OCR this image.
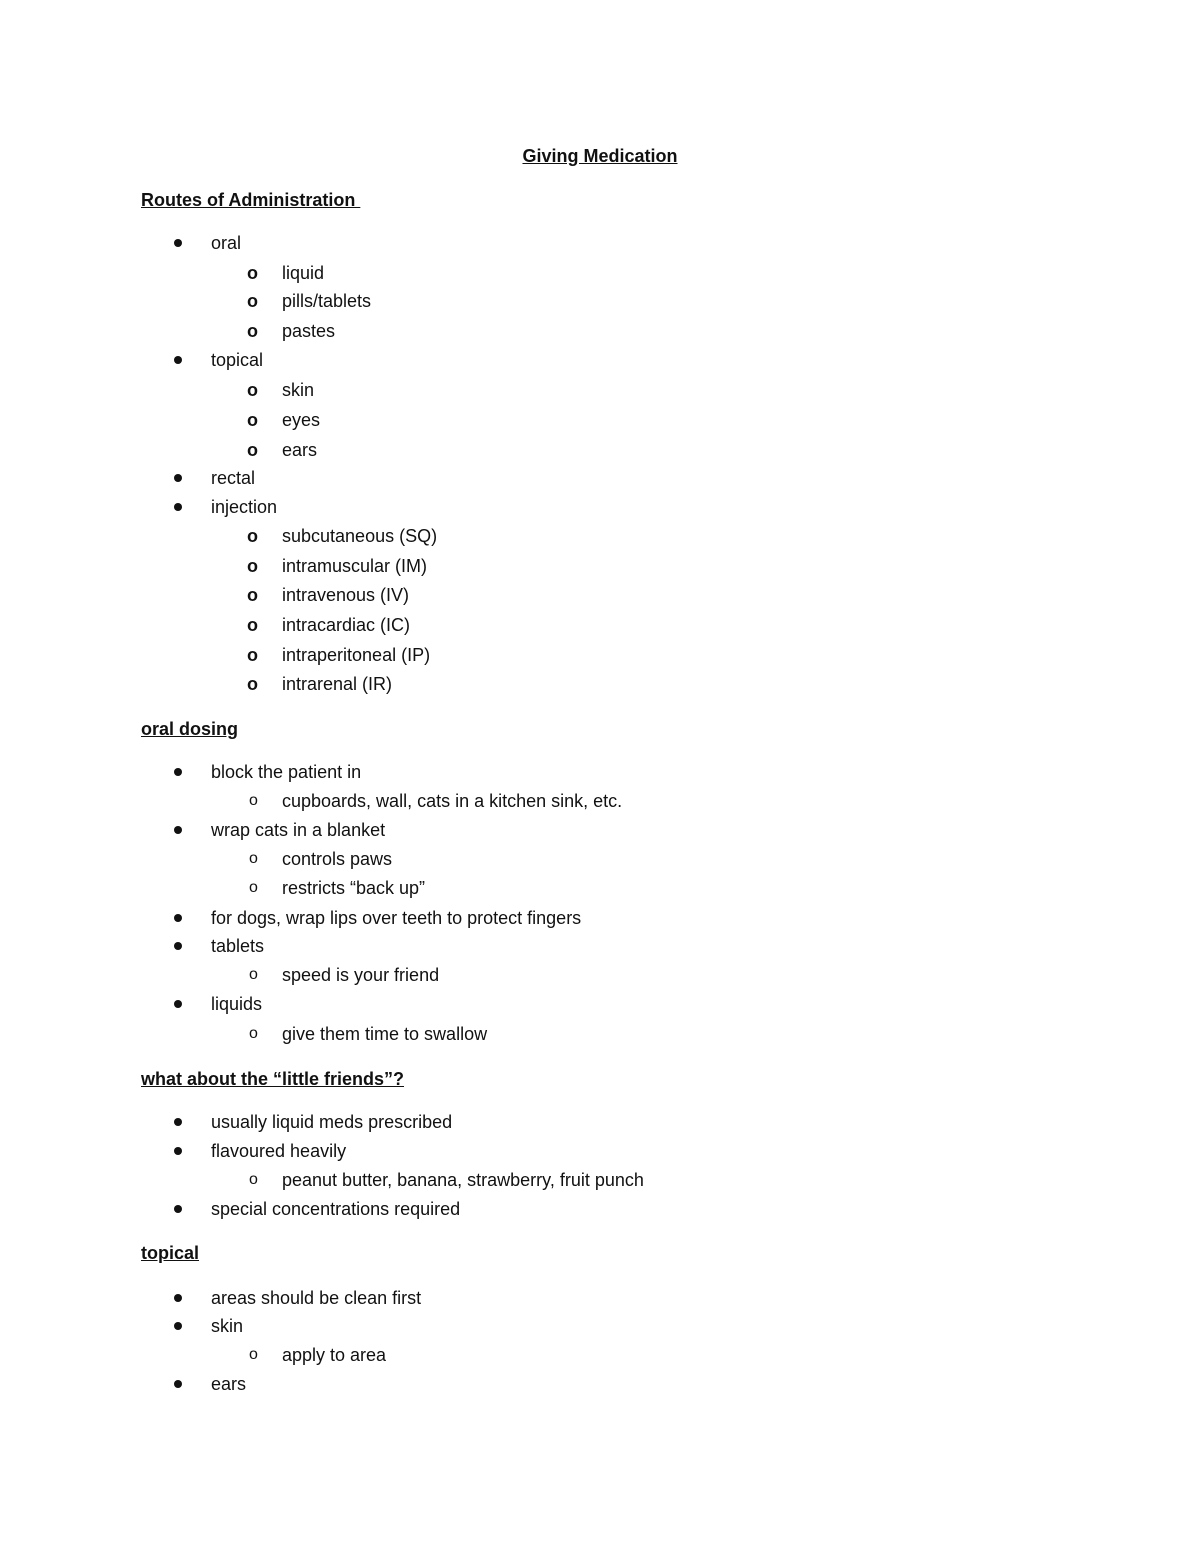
Giving Medication
Routes of Administration
oral
o liquid
o pills/tablets
o pastes
topical
o skin
o eyes
o ears
rectal
injection
o subcutaneous (SQ)
o intramuscular (IM)
o intravenous (IV)
o intracardiac (IC)
o intraperitoneal (IP)
o intrarenal (IR)
oral dosing
block the patient in
o cupboards, wall, cats in a kitchen sink, etc.
wrap cats in a blanket
o controls paws
o restricts “back up”
for dogs, wrap lips over teeth to protect fingers
tablets
o speed is your friend
liquids
o give them time to swallow
what about the “little friends”?
usually liquid meds prescribed
flavoured heavily
o peanut butter, banana, strawberry, fruit punch
special concentrations required
topical
areas should be clean first
skin
o apply to area
ears
